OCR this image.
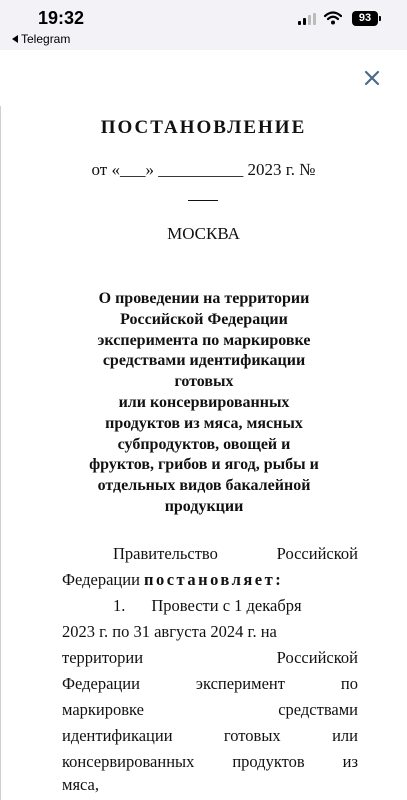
19:32
Telegram
93
ПОСТАНОВЛЕНИЕ
от «___» __________ 2023 г. №
МОСКВА
О проведении на территории
Российской Федерации
эксперимента по маркировке
средствами идентификации
готовых
или консервированных
продуктов из мяса, мясных
субпродуктов, овощей и
фруктов, грибов и ягод, рыбы и
отдельных видов бакалейной
продукции
Правительство	Российской
Федерации постановляет:
1. Провести с 1 декабря
2023 г. по 31 августа 2024 г. на
территории	Российской
Федерации	эксперимент	по
маркировке	средствами
идентификации	готовых	или
консервированных продуктов из
мяса,
